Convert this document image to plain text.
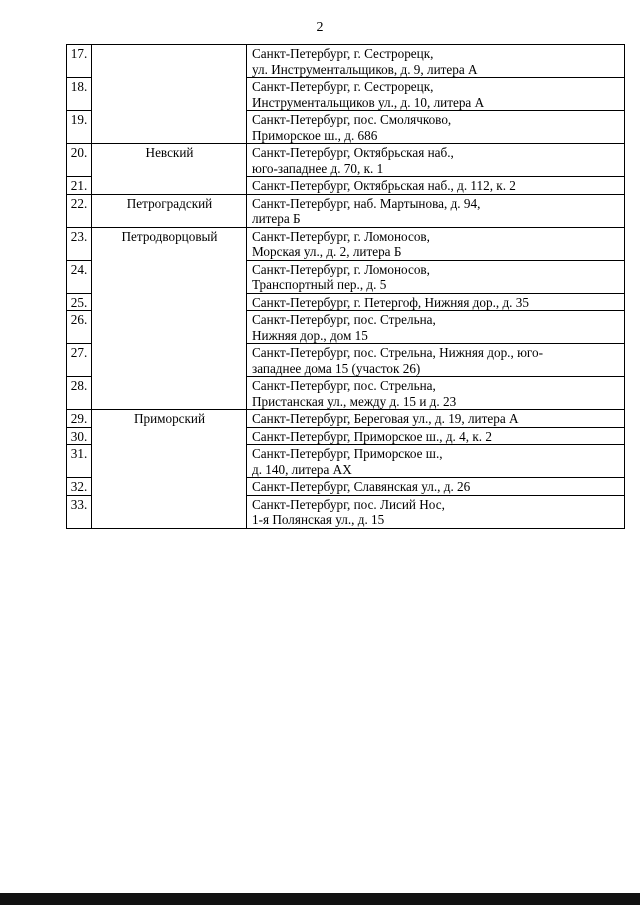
2
17.		Санкт-Петербург, г. Сестрорецк,
ул. Инструментальщиков, д. 9, литера А

18.		Санкт-Петербург, г. Сестрорецк,
Инструментальщиков ул., д. 10, литера А

19.		Санкт-Петербург, пос. Смолячково,
Приморское ш., д. 686

20.	Невский	Санкт-Петербург, Октябрьская наб.,
юго-западнее д. 70, к. 1

21.		Санкт-Петербург, Октябрьская наб., д. 112, к. 2

22.	Петроградский	Санкт-Петербург, наб. Мартынова, д. 94,
литера Б

23.	Петродворцовый	Санкт-Петербург, г. Ломоносов,
Морская ул., д. 2, литера Б

24.		Санкт-Петербург, г. Ломоносов,
Транспортный пер., д. 5

25.		Санкт-Петербург, г. Петергоф, Нижняя дор., д. 35

26.		Санкт-Петербург, пос. Стрельна,
Нижняя дор., дом 15

27.		Санкт-Петербург, пос. Стрельна, Нижняя дор., юго-
западнее дома 15 (участок 26)

28.		Санкт-Петербург, пос. Стрельна,
Пристанская ул., между д. 15 и д. 23

29.	Приморский	Санкт-Петербург, Береговая ул., д. 19, литера А

30.		Санкт-Петербург, Приморское ш., д. 4, к. 2

31.		Санкт-Петербург, Приморское ш.,
д. 140, литера АХ

32.		Санкт-Петербург, Славянская ул., д. 26

33.		Санкт-Петербург, пос. Лисий Нос,
1-я Полянская ул., д. 15
